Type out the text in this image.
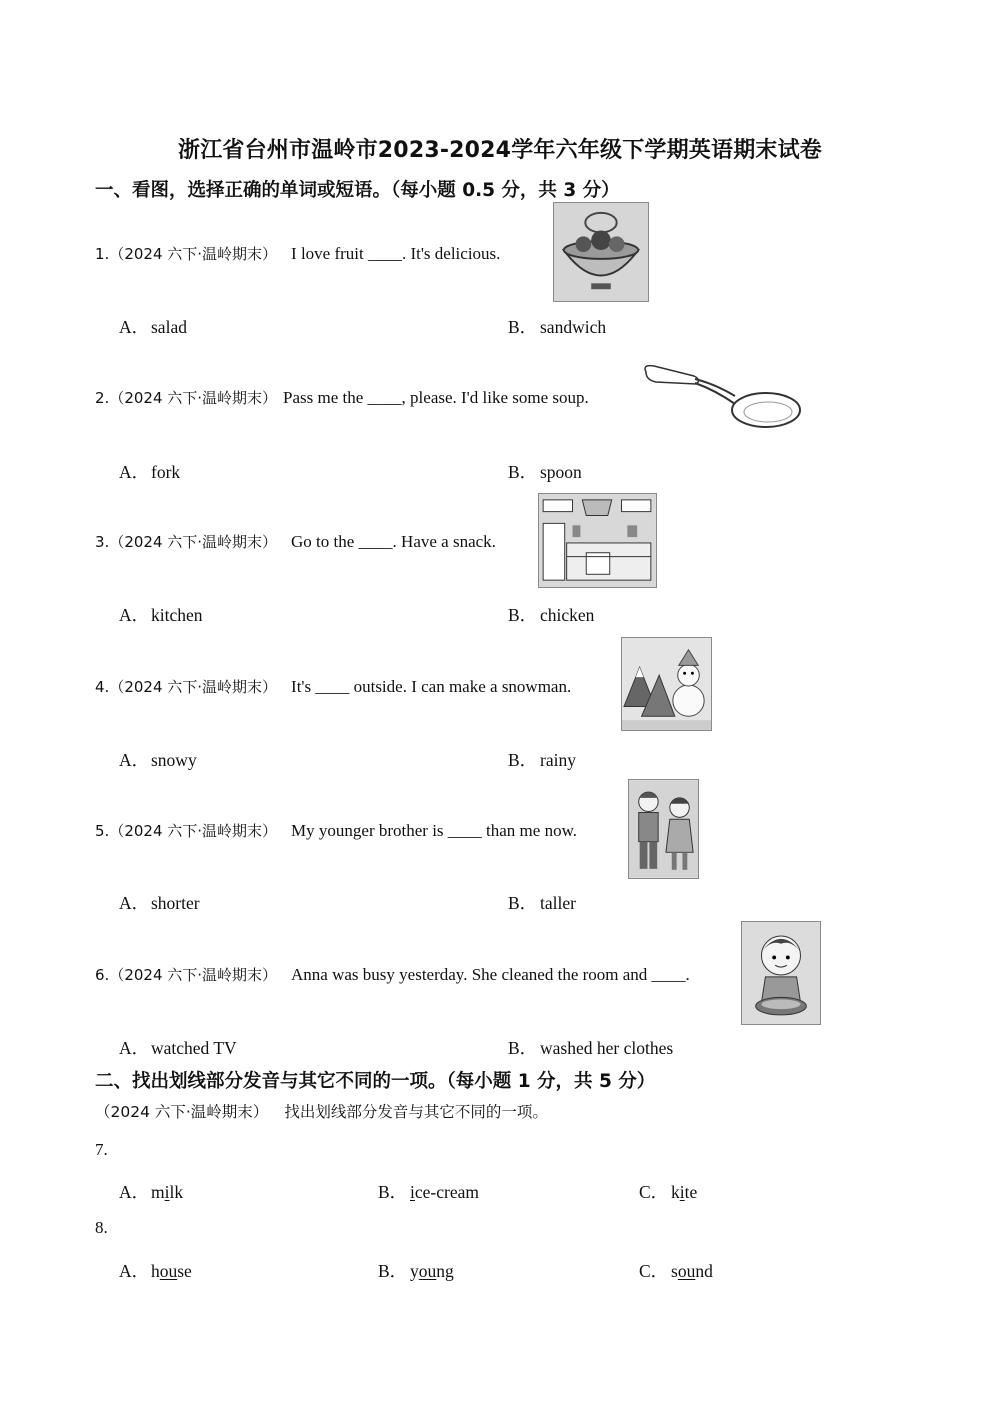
浙江省台州市温岭市2023-2024学年六年级下学期英语期末试卷
一、看图，选择正确的单词或短语。（每小题 0.5 分，共 3 分）
1.（2024 六下·温岭期末） I love fruit ____. It's delicious.
A． salad	B． sandwich
2.（2024 六下·温岭期末） Pass me the ____, please. I'd like some soup.
A． fork	B． spoon
3.（2024 六下·温岭期末） Go to the ____. Have a snack.
A． kitchen	B． chicken
4.（2024 六下·温岭期末） It's ____ outside. I can make a snowman.
A． snowy	B． rainy
5.（2024 六下·温岭期末） My younger brother is ____ than me now.
A． shorter	B． taller
6.（2024 六下·温岭期末） Anna was busy yesterday. She cleaned the room and ____.
A． watched TV	B． washed her clothes
二、找出划线部分发音与其它不同的一项。（每小题 1 分，共 5 分）
（2024 六下·温岭期末） 找出划线部分发音与其它不同的一项。
7.
A． milk	B． ice-cream	C． kite
8.
A． house	B． young	C． sound
